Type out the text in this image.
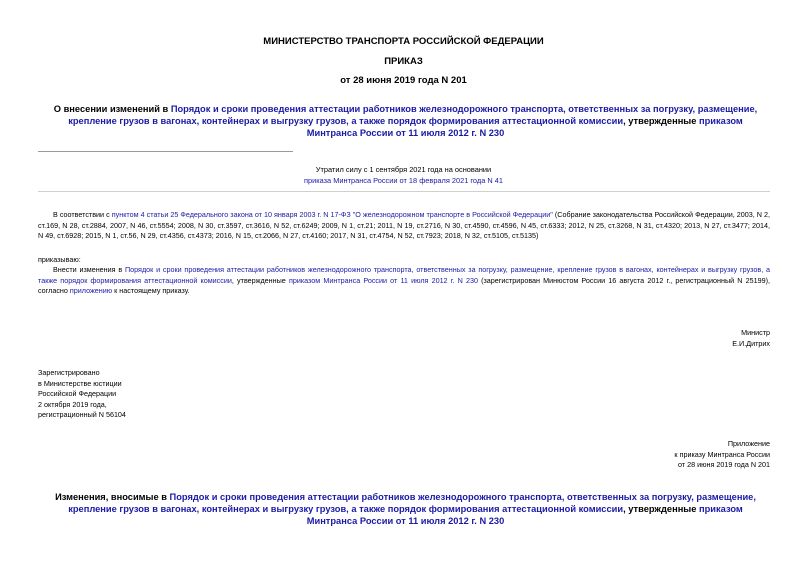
МИНИСТЕРСТВО ТРАНСПОРТА РОССИЙСКОЙ ФЕДЕРАЦИИ
ПРИКАЗ
от 28 июня 2019 года N 201
О внесении изменений в Порядок и сроки проведения аттестации работников железнодорожного транспорта, ответственных за погрузку, размещение, крепление грузов в вагонах, контейнерах и выгрузку грузов, а также порядок формирования аттестационной комиссии, утвержденные приказом Минтранса России от 11 июля 2012 г. N 230
Утратил силу с 1 сентября 2021 года на основании
приказа Минтранса России от 18 февраля 2021 года N 41
В соответствии с пунктом 4 статьи 25 Федерального закона от 10 января 2003 г. N 17-ФЗ "О железнодорожном транспорте в Российской Федерации" (Собрание законодательства Российской Федерации, 2003, N 2, ст.169, N 28, ст.2884, 2007, N 46, ст.5554; 2008, N 30, ст.3597, ст.3616, N 52, ст.6249; 2009, N 1, ст.21; 2011, N 19, ст.2716, N 30, ст.4590, ст.4596, N 45, ст.6333; 2012, N 25, ст.3268, N 31, ст.4320; 2013, N 27, ст.3477; 2014, N 49, ст.6928; 2015, N 1, ст.56, N 29, ст.4356, ст.4373; 2016, N 15, ст.2066, N 27, ст.4160; 2017, N 31, ст.4754, N 52, ст.7923; 2018, N 32, ст.5105, ст.5135)
приказываю:
Внести изменения в Порядок и сроки проведения аттестации работников железнодорожного транспорта, ответственных за погрузку, размещение, крепление грузов в вагонах, контейнерах и выгрузку грузов, а также порядок формирования аттестационной комиссии, утвержденные приказом Минтранса России от 11 июля 2012 г. N 230 (зарегистрирован Минюстом России 16 августа 2012 г., регистрационный N 25199), согласно приложению к настоящему приказу.
Министр
Е.И.Дитрих
Зарегистрировано
в Министерстве юстиции
Российской Федерации
2 октября 2019 года,
регистрационный N 56104
Приложение
к приказу Минтранса России
от 28 июня 2019 года N 201
Изменения, вносимые в Порядок и сроки проведения аттестации работников железнодорожного транспорта, ответственных за погрузку, размещение, крепление грузов в вагонах, контейнерах и выгрузку грузов, а также порядок формирования аттестационной комиссии, утвержденные приказом Минтранса России от 11 июля 2012 г. N 230
